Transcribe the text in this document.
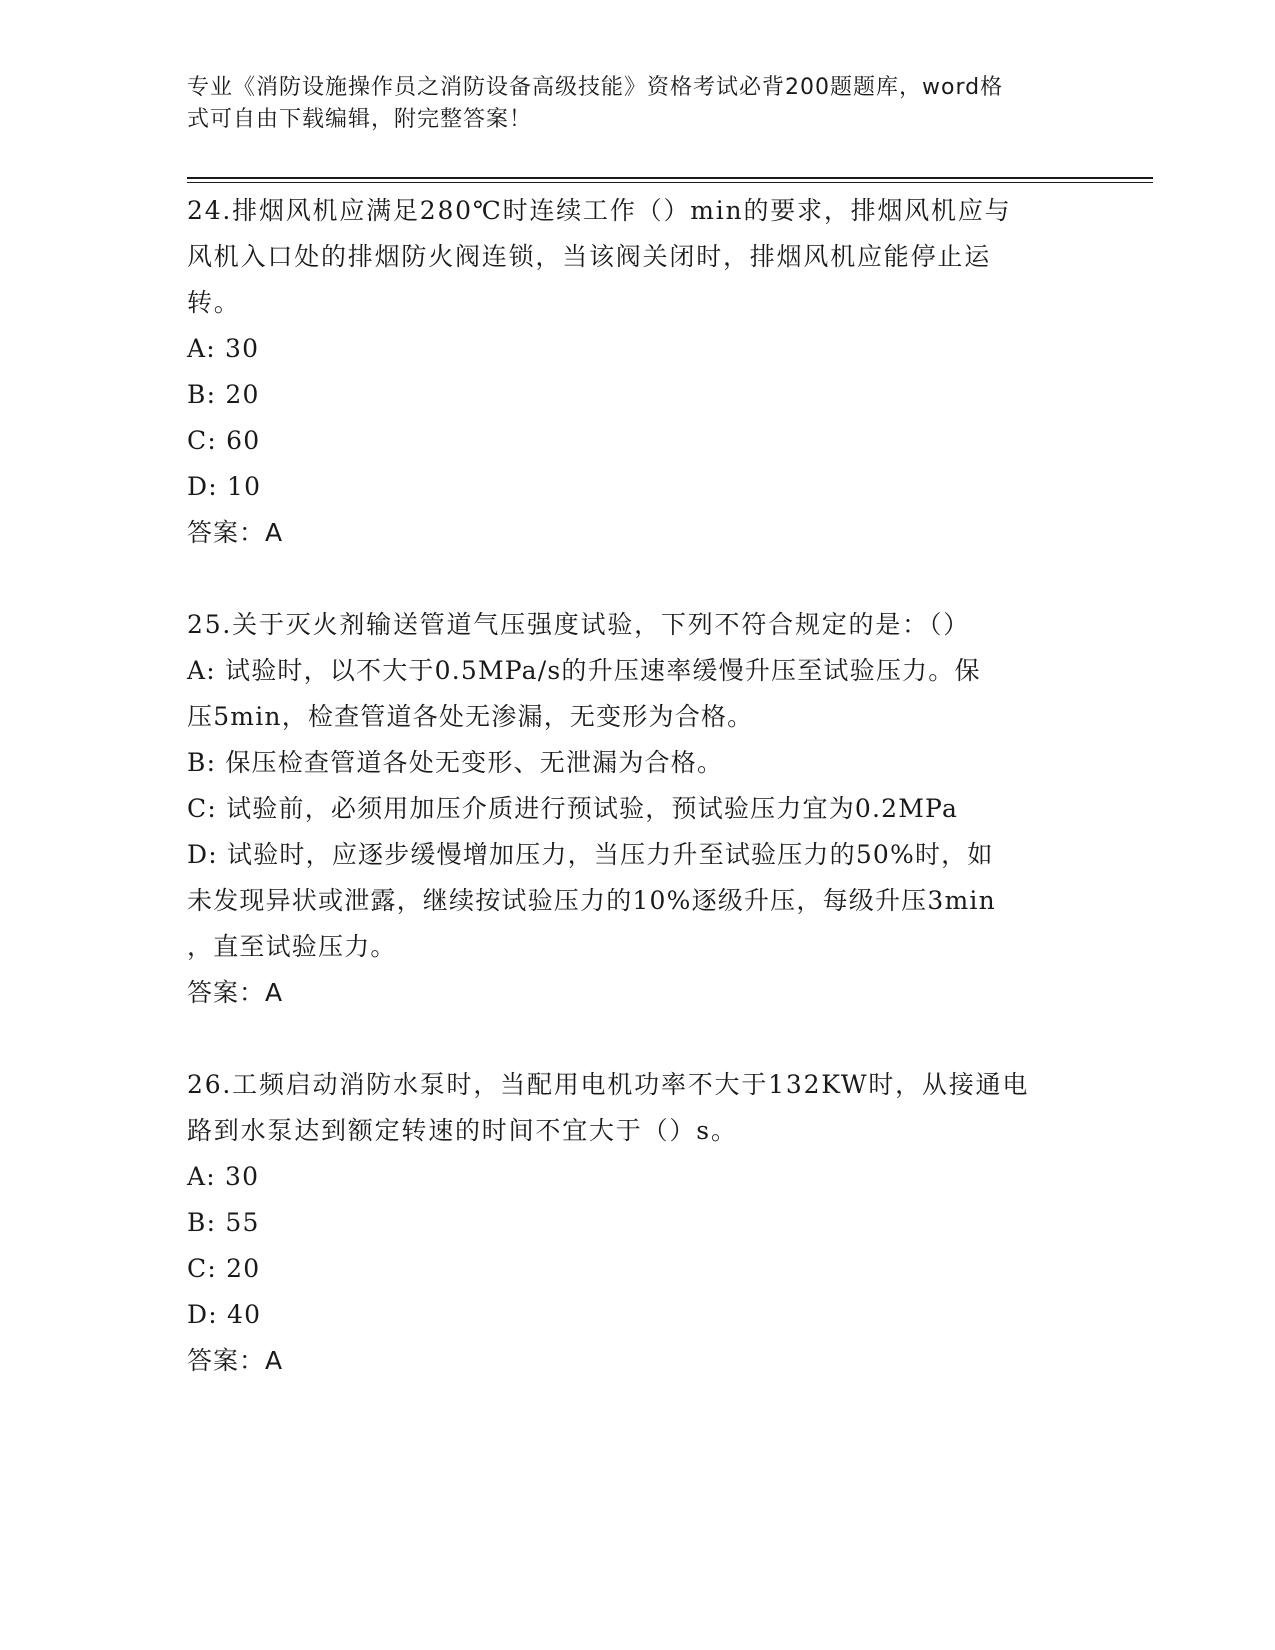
专业《消防设施操作员之消防设备高级技能》资格考试必背200题题库，word格
式可自由下载编辑，附完整答案！
24.排烟风机应满足280℃时连续工作（）min的要求，排烟风机应与
风机入口处的排烟防火阀连锁，当该阀关闭时，排烟风机应能停止运
转。
A: 30
B: 20
C: 60
D: 10
答案：A
25.关于灭火剂输送管道气压强度试验，下列不符合规定的是：（）
A: 试验时，以不大于0.5MPa/s的升压速率缓慢升压至试验压力。保
压5min，检查管道各处无渗漏，无变形为合格。
B: 保压检查管道各处无变形、无泄漏为合格。
C: 试验前，必须用加压介质进行预试验，预试验压力宜为0.2MPa
D: 试验时，应逐步缓慢增加压力，当压力升至试验压力的50%时，如
未发现异状或泄露，继续按试验压力的10%逐级升压，每级升压3min
，直至试验压力。
答案：A
26.工频启动消防水泵时，当配用电机功率不大于132KW时，从接通电
路到水泵达到额定转速的时间不宜大于（）s。
A: 30
B: 55
C: 20
D: 40
答案：A
